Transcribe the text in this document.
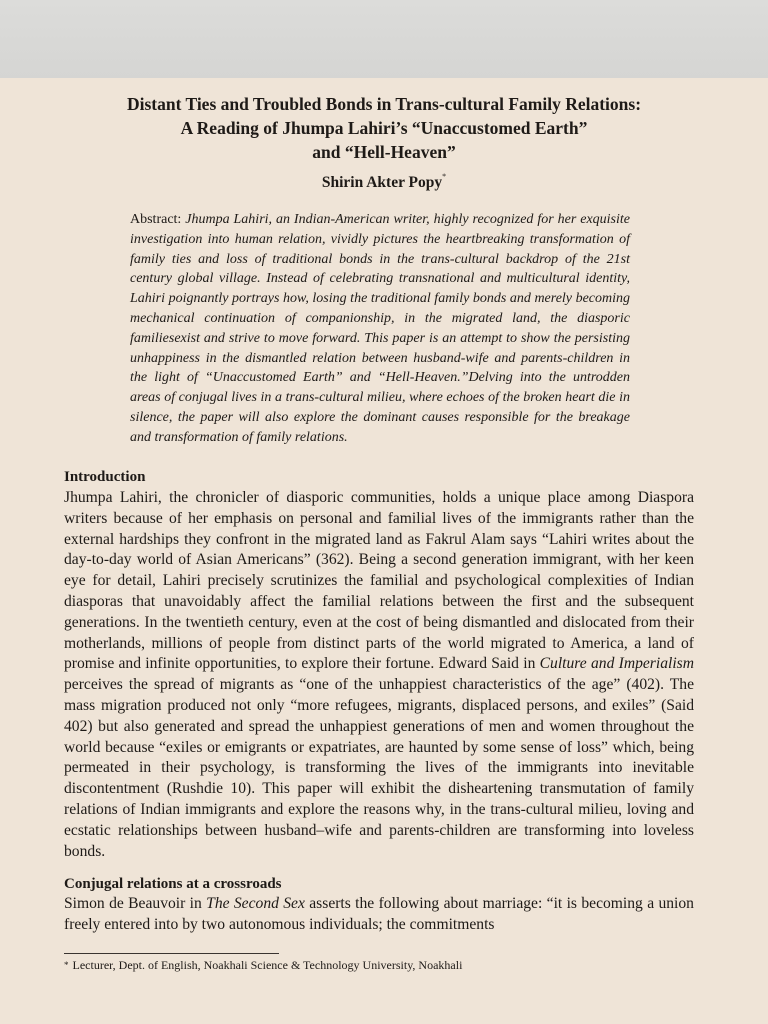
Distant Ties and Troubled Bonds in Trans-cultural Family Relations:
A Reading of Jhumpa Lahiri’s “Unaccustomed Earth”
and “Hell-Heaven”
Shirin Akter Popy*
Abstract: Jhumpa Lahiri, an Indian-American writer, highly recognized for her exquisite investigation into human relation, vividly pictures the heartbreaking transformation of family ties and loss of traditional bonds in the trans-cultural backdrop of the 21st century global village. Instead of celebrating transnational and multicultural identity, Lahiri poignantly portrays how, losing the traditional family bonds and merely becoming mechanical continuation of companionship, in the migrated land, the diasporic familiesexist and strive to move forward. This paper is an attempt to show the persisting unhappiness in the dismantled relation between husband-wife and parents-children in the light of “Unaccustomed Earth” and “Hell-Heaven.”Delving into the untrodden areas of conjugal lives in a trans-cultural milieu, where echoes of the broken heart die in silence, the paper will also explore the dominant causes responsible for the breakage and transformation of family relations.
Introduction
Jhumpa Lahiri, the chronicler of diasporic communities, holds a unique place among Diaspora writers because of her emphasis on personal and familial lives of the immigrants rather than the external hardships they confront in the migrated land as Fakrul Alam says “Lahiri writes about the day-to-day world of Asian Americans” (362). Being a second generation immigrant, with her keen eye for detail, Lahiri precisely scrutinizes the familial and psychological complexities of Indian diasporas that unavoidably affect the familial relations between the first and the subsequent generations. In the twentieth century, even at the cost of being dismantled and dislocated from their motherlands, millions of people from distinct parts of the world migrated to America, a land of promise and infinite opportunities, to explore their fortune. Edward Said in Culture and Imperialism perceives the spread of migrants as “one of the unhappiest characteristics of the age” (402). The mass migration produced not only “more refugees, migrants, displaced persons, and exiles” (Said 402) but also generated and spread the unhappiest generations of men and women throughout the world because “exiles or emigrants or expatriates, are haunted by some sense of loss” which, being permeated in their psychology, is transforming the lives of the immigrants into inevitable discontentment (Rushdie 10). This paper will exhibit the disheartening transmutation of family relations of Indian immigrants and explore the reasons why, in the trans-cultural milieu, loving and ecstatic relationships between husband–wife and parents-children are transforming into loveless bonds.
Conjugal relations at a crossroads
Simon de Beauvoir in The Second Sex asserts the following about marriage: “it is becoming a union freely entered into by two autonomous individuals; the commitments
* Lecturer, Dept. of English, Noakhali Science & Technology University, Noakhali
